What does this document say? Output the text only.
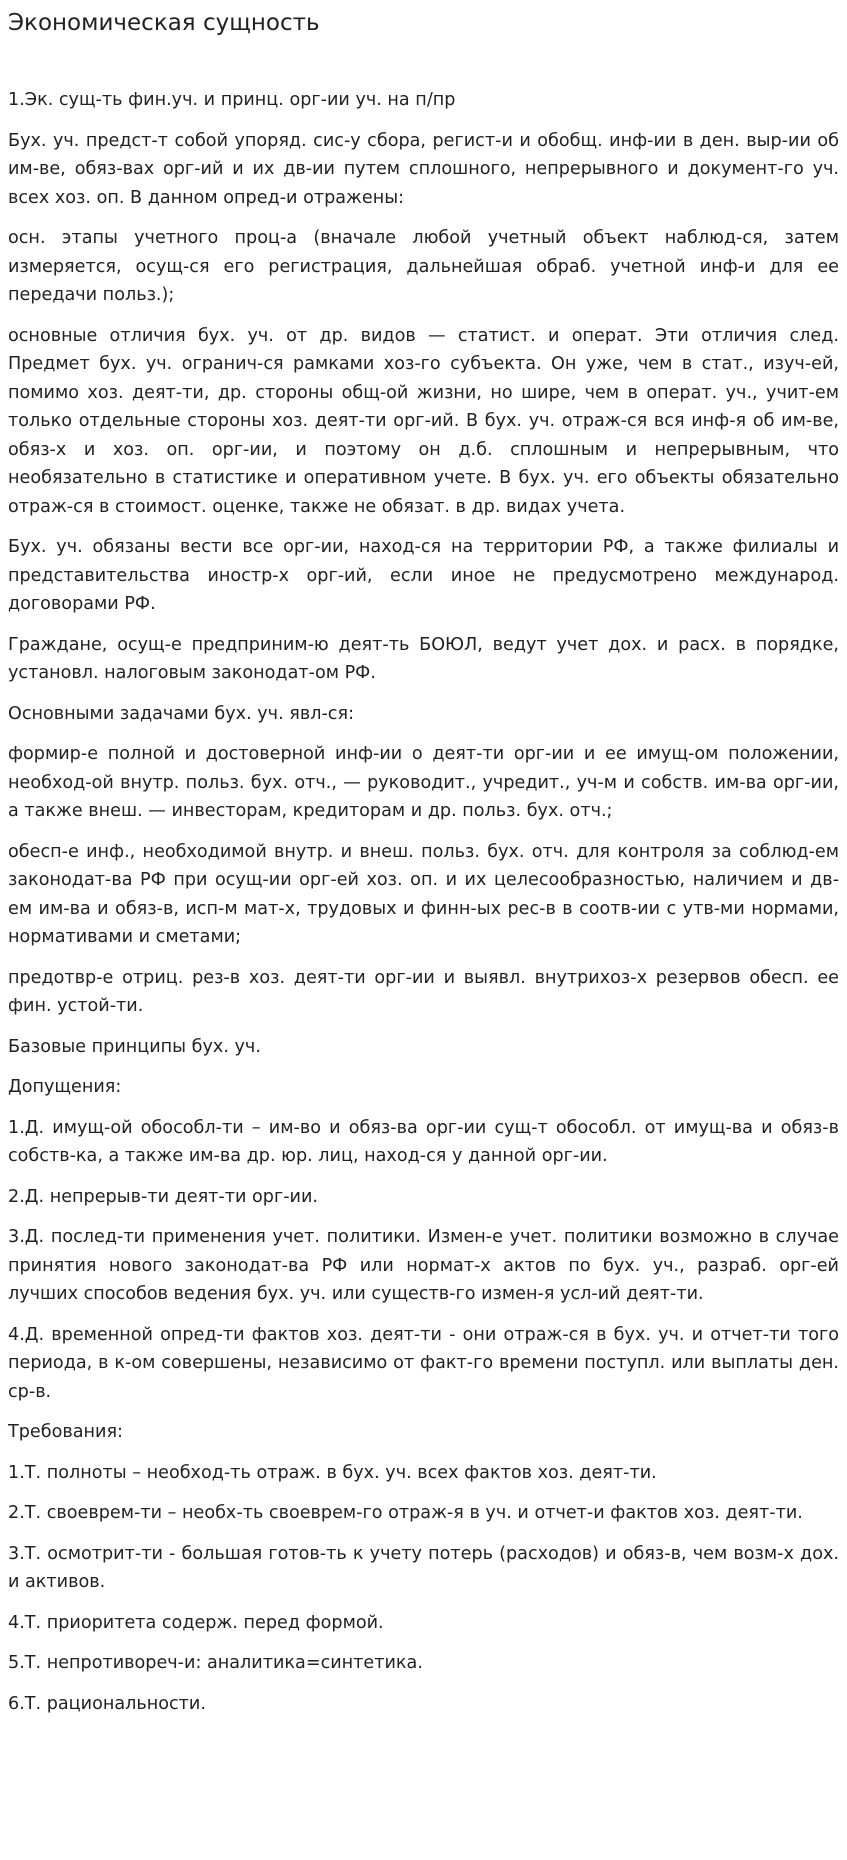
Экономическая сущность

1.Эк. сущ-ть фин.уч. и принц. орг-ии уч. на п/пр

Бух. уч. предст-т собой упоряд. сис-у сбора, регист-и и обобщ. инф-ии в ден. выр-ии об им-ве, обяз-вах орг-ий и их дв-ии путем сплошного, непрерывного и документ-го уч. всех хоз. оп. В данном опред-и отражены:

осн. этапы учетного проц-а (вначале любой учетный объект наблюд-ся, затем измеряется, осущ-ся его регистрация, дальнейшая обраб. учетной инф-и для ее передачи польз.);

основные отличия бух. уч. от др. видов — статист. и операт. Эти отличия след. Предмет бух. уч. огранич-ся рамками хоз-го субъекта. Он уже, чем в стат., изуч-ей, помимо хоз. деят-ти, др. стороны общ-ой жизни, но шире, чем в операт. уч., учит-ем только отдельные стороны хоз. деят-ти орг-ий. В бух. уч. отраж-ся вся инф-я об им-ве, обяз-х и хоз. оп. орг-ии, и поэтому он д.б. сплошным и непрерывным, что необязательно в статистике и оперативном учете. В бух. уч. его объекты обязательно отраж-ся в стоимост. оценке, также не обязат. в др. видах учета.

Бух. уч. обязаны вести все орг-ии, наход-ся на территории РФ, а также филиалы и представительства иностр-х орг-ий, если иное не предусмотрено международ. договорами РФ.

Граждане, осущ-е предприним-ю деят-ть БОЮЛ, ведут учет дох. и расх. в порядке, установл. налоговым законодат-ом РФ.

Основными задачами бух. уч. явл-ся:

формир-е полной и достоверной инф-ии о деят-ти орг-ии и ее имущ-ом положении, необход-ой внутр. польз. бух. отч., — руководит., учредит., уч-м и собств. им-ва орг-ии, а также внеш. — инвесторам, кредиторам и др. польз. бух. отч.;

обесп-е инф., необходимой внутр. и внеш. польз. бух. отч. для контроля за соблюд-ем законодат-ва РФ при осущ-ии орг-ей хоз. оп. и их целесообразностью, наличием и дв-ем им-ва и обяз-в, исп-м мат-х, трудовых и финн-ых рес-в в соотв-ии с утв-ми нормами, нормативами и сметами;

предотвр-е отриц. рез-в хоз. деят-ти орг-ии и выявл. внутрихоз-х резервов обесп. ее фин. устой-ти.

Базовые принципы бух. уч.

Допущения:

1.Д. имущ-ой обособл-ти – им-во и обяз-ва орг-ии сущ-т обособл. от имущ-ва и обяз-в собств-ка, а также им-ва др. юр. лиц, наход-ся у данной орг-ии.

2.Д. непрерыв-ти деят-ти орг-ии.

3.Д. послед-ти применения учет. политики. Измен-е учет. политики возможно в случае принятия нового законодат-ва РФ или нормат-х актов по бух. уч., разраб. орг-ей лучших способов ведения бух. уч. или существ-го измен-я усл-ий деят-ти.

4.Д. временной опред-ти фактов хоз. деят-ти - они отраж-ся в бух. уч. и отчет-ти того периода, в к-ом совершены, независимо от факт-го времени поступл. или выплаты ден. ср-в.

Требования:

1.Т. полноты – необход-ть отраж. в бух. уч. всех фактов хоз. деят-ти.

2.Т. своеврем-ти – необх-ть своеврем-го отраж-я в уч. и отчет-и фактов хоз. деят-ти.

3.Т. осмотрит-ти - большая готов-ть к учету потерь (расходов) и обяз-в, чем возм-х дох. и активов.

4.Т. приоритета содерж. перед формой.

5.Т. непротивореч-и: аналитика=синтетика.

6.Т. рациональности.
